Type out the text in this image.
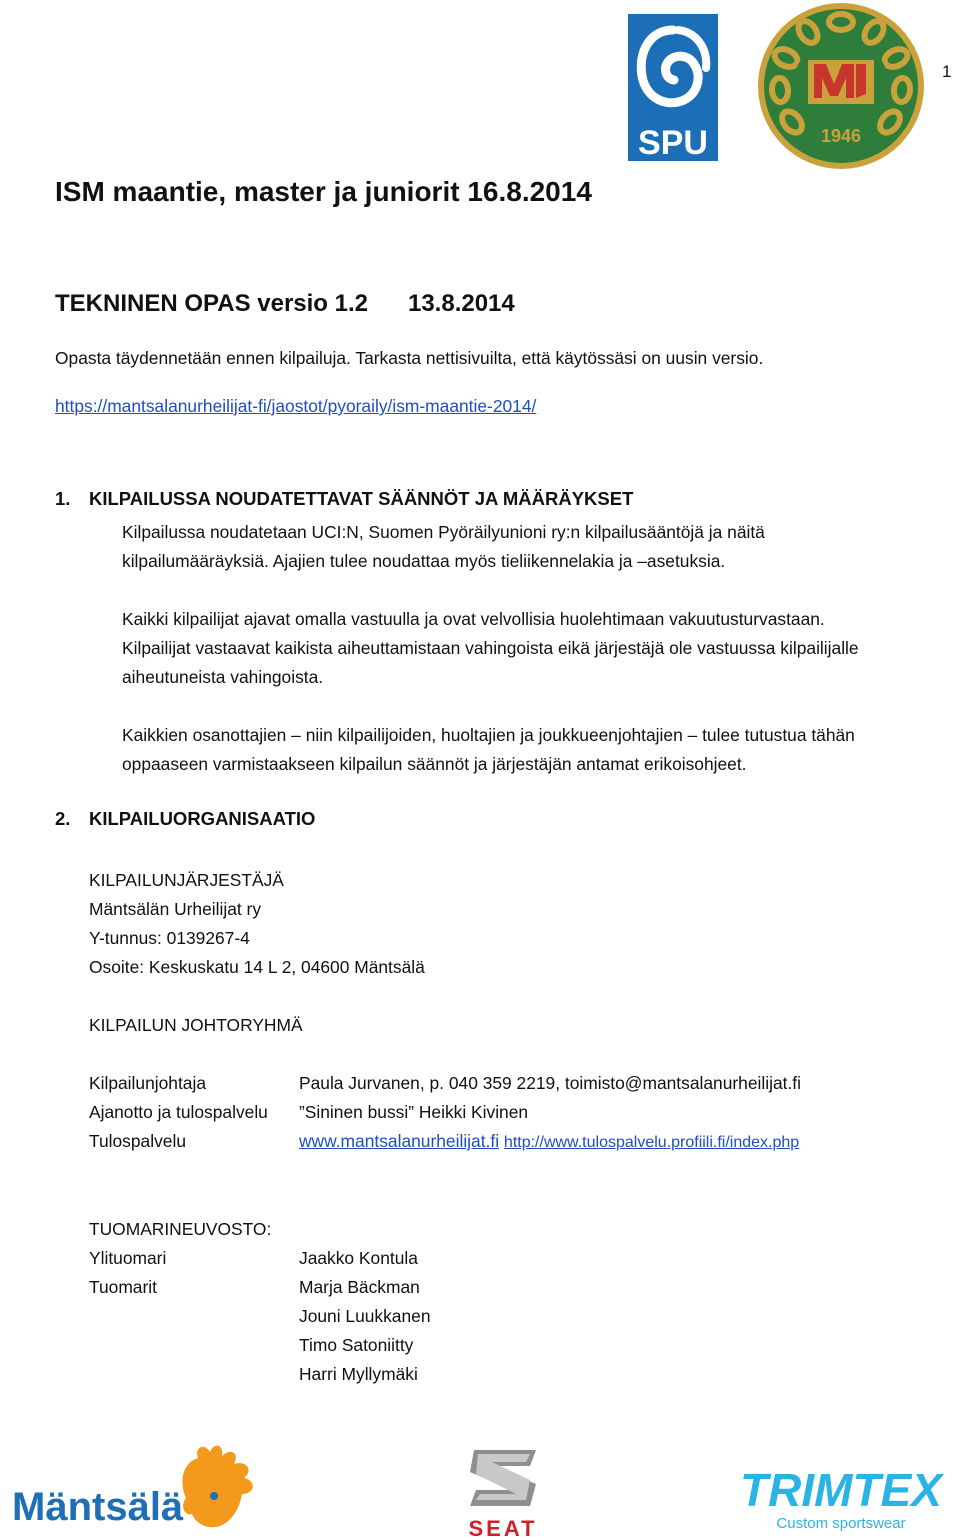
1
SPU	1946
ISM maantie, master ja juniorit 16.8.2014
TEKNINEN OPAS versio 1.2 13.8.2014
Opasta täydennetään ennen kilpailuja. Tarkasta nettisivuilta, että käytössäsi on uusin versio.
https://mantsalanurheilijat-fi/jaostot/pyoraily/ism-maantie-2014/
1. KILPAILUSSA NOUDATETTAVAT SÄÄNNÖT JA MÄÄRÄYKSET
Kilpailussa noudatetaan UCI:N, Suomen Pyöräilyunioni ry:n kilpailusääntöjä ja näitä
kilpailumääräyksiä. Ajajien tulee noudattaa myös tieliikennelakia ja –asetuksia.
Kaikki kilpailijat ajavat omalla vastuulla ja ovat velvollisia huolehtimaan vakuutusturvastaan.
Kilpailijat vastaavat kaikista aiheuttamistaan vahingoista eikä järjestäjä ole vastuussa kilpailijalle
aiheutuneista vahingoista.
Kaikkien osanottajien – niin kilpailijoiden, huoltajien ja joukkueenjohtajien – tulee tutustua tähän
oppaaseen varmistaakseen kilpailun säännöt ja järjestäjän antamat erikoisohjeet.
2. KILPAILUORGANISAATIO
KILPAILUNJÄRJESTÄJÄ
Mäntsälän Urheilijat ry
Y-tunnus: 0139267-4
Osoite: Keskuskatu 14 L 2, 04600 Mäntsälä
KILPAILUN JOHTORYHMÄ
Kilpailunjohtaja	Paula Jurvanen, p. 040 359 2219, toimisto@mantsalanurheilijat.fi
Ajanotto ja tulospalvelu	”Sininen bussi” Heikki Kivinen
Tulospalvelu	www.mantsalanurheilijat.fi http://www.tulospalvelu.profiili.fi/index.php
TUOMARINEUVOSTO:
Ylituomari	Jaakko Kontula
Tuomarit	Marja Bäckman
Jouni Luukkanen
Timo Satoniitty
Harri Myllymäki
Mäntsälä	SEAT
TRIMTEX
Custom sportswear
